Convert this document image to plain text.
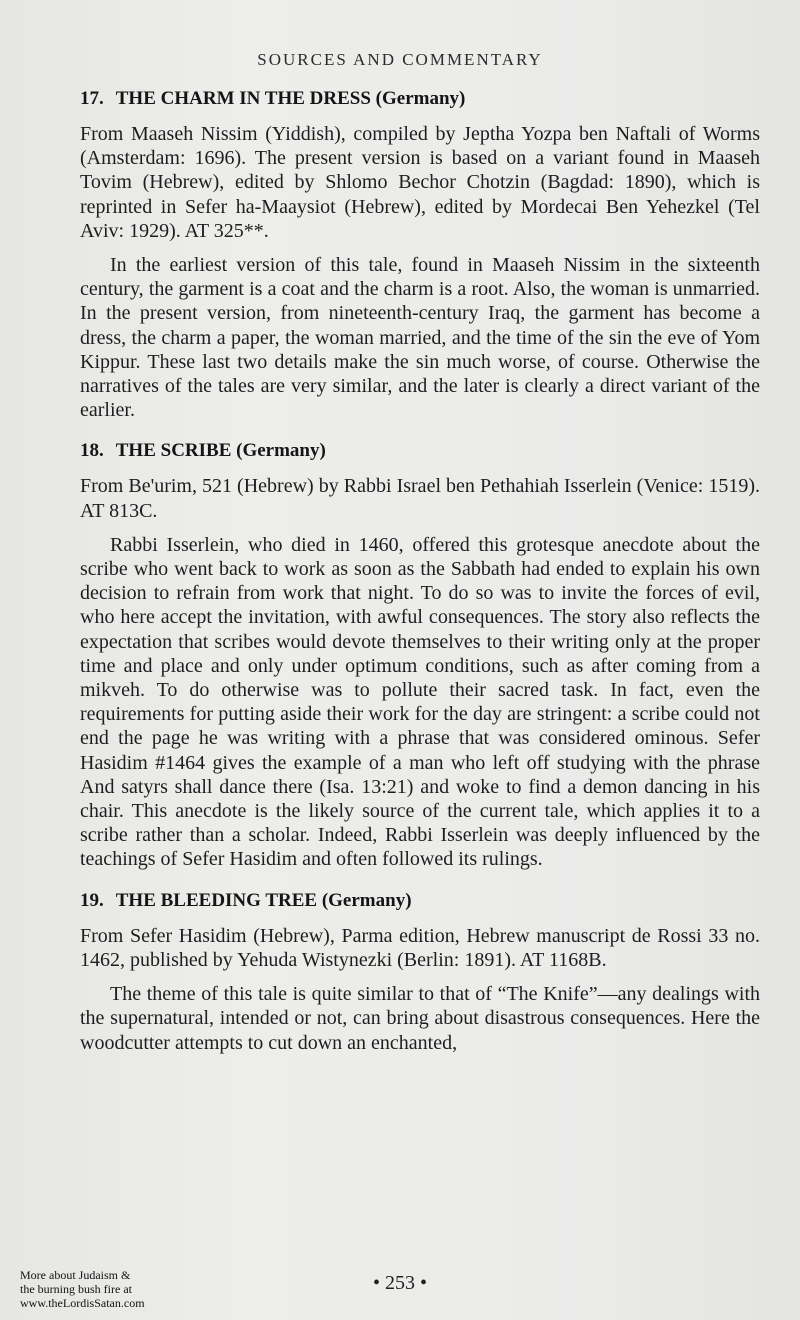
SOURCES AND COMMENTARY
17. THE CHARM IN THE DRESS (Germany)

From Maaseh Nissim (Yiddish), compiled by Jeptha Yozpa ben Naftali of Worms (Amsterdam: 1696). The present version is based on a variant found in Maaseh Tovim (Hebrew), edited by Shlomo Bechor Chotzin (Bagdad: 1890), which is reprinted in Sefer ha-Maaysiot (Hebrew), edited by Mordecai Ben Yehezkel (Tel Aviv: 1929). AT 325**.

In the earliest version of this tale, found in Maaseh Nissim in the sixteenth century, the garment is a coat and the charm is a root. Also, the woman is unmarried. In the present version, from nineteenth-century Iraq, the garment has become a dress, the charm a paper, the woman married, and the time of the sin the eve of Yom Kippur. These last two details make the sin much worse, of course. Otherwise the narratives of the tales are very similar, and the later is clearly a direct variant of the earlier.

18. THE SCRIBE (Germany)

From Be'urim, 521 (Hebrew) by Rabbi Israel ben Pethahiah Isserlein (Venice: 1519). AT 813C.

Rabbi Isserlein, who died in 1460, offered this grotesque anecdote about the scribe who went back to work as soon as the Sabbath had ended to explain his own decision to refrain from work that night. To do so was to invite the forces of evil, who here accept the invitation, with awful consequences. The story also reflects the expectation that scribes would devote themselves to their writing only at the proper time and place and only under optimum conditions, such as after coming from a mikveh. To do otherwise was to pollute their sacred task. In fact, even the requirements for putting aside their work for the day are stringent: a scribe could not end the page he was writing with a phrase that was considered ominous. Sefer Hasidim #1464 gives the example of a man who left off studying with the phrase And satyrs shall dance there (Isa. 13:21) and woke to find a demon dancing in his chair. This anecdote is the likely source of the current tale, which applies it to a scribe rather than a scholar. Indeed, Rabbi Isserlein was deeply influenced by the teachings of Sefer Hasidim and often followed its rulings.

19. THE BLEEDING TREE (Germany)

From Sefer Hasidim (Hebrew), Parma edition, Hebrew manuscript de Rossi 33 no. 1462, published by Yehuda Wistynezki (Berlin: 1891). AT 1168B.

The theme of this tale is quite similar to that of “The Knife”—any dealings with the supernatural, intended or not, can bring about disastrous consequences. Here the woodcutter attempts to cut down an enchanted,

• 253 •
More about Judaism &
the burning bush fire at
www.theLordisSatan.com
